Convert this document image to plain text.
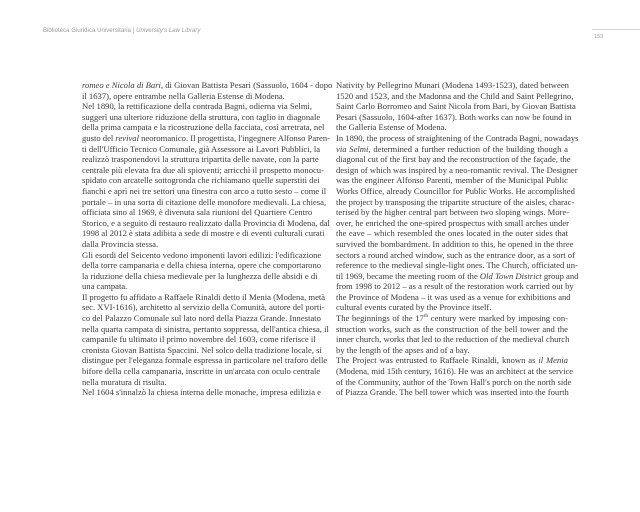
Biblioteca Giuridica Universitaria | University's Law Library
153
romeo e Nicola di Bari, di Giovan Battista Pesari (Sassuolo, 1604 - dopo
il 1637), opere entrambe nella Galleria Estense di Modena.
Nel 1890, la rettificazione della contrada Bagni, odierna via Selmi,
suggerì una ulteriore riduzione della struttura, con taglio in diagonale
della prima campata e la ricostruzione della facciata, così arretrata, nel
gusto del revival neoromanico. Il progettista, l'ingegnere Alfonso Paren-
ti dell'Ufficio Tecnico Comunale, già Assessore ai Lavori Pubblici, la
realizzò trasponendovi la struttura tripartita delle navate, con la parte
centrale più elevata fra due ali spioventi; arricchì il prospetto monocu-
spidato con arcatelle sottogronda che richiamano quelle superstiti dei
fianchi e aprì nei tre settori una finestra con arco a tutto sesto – come il
portale – in una sorta di citazione delle monofore medievali. La chiesa,
officiata sino al 1969, è divenuta sala riunioni del Quartiere Centro
Storico, e a seguito di restauro realizzato dalla Provincia di Modena, dal
1998 al 2012 è stata adibita a sede di mostre e di eventi culturali curati
dalla Provincia stessa.
Gli esordi del Seicento vedono imponenti lavori edilizi: l'edificazione
della torre campanaria e della chiesa interna, opere che comportarono
la riduzione della chiesa medievale per la lunghezza delle absidi e di
una campata.
Il progetto fu affidato a Raffaele Rinaldi detto il Menia (Modena, metà
sec. XVI-1616), architetto al servizio della Comunità, autore del porti-
co del Palazzo Comunale sul lato nord della Piazza Grande. Innestato
nella quarta campata di sinistra, pertanto soppressa, dell'antica chiesa, il
campanile fu ultimato il primo novembre del 1603, come riferisce il
cronista Giovan Battista Spaccini. Nel solco della tradizione locale, si
distingue per l'eleganza formale espressa in particolare nel traforo delle
bifore della cella campanaria, inscritte in un'arcata con oculo centrale
nella muratura di risulta.
Nel 1604 s'innalzò la chiesa interna delle monache, impresa edilizia e
Nativity by Pellegrino Munari (Modena 1493-1523), dated between
1520 and 1523, and the Madonna and the Child and Saint Pellegrino,
Saint Carlo Borromeo and Saint Nicola from Bari, by Giovan Battista
Pesari (Sassuolo, 1604-after 1637). Both works can now be found in
the Galleria Estense of Modena.
In 1890, the process of straightening of the Contrada Bagni, nowadays
via Selmi, determined a further reduction of the building though a
diagonal cut of the first bay and the reconstruction of the façade, the
design of which was inspired by a neo-romantic revival. The Designer
was the engineer Alfonso Parenti, member of the Municipal Public
Works Office, already Councillor for Public Works. He accomplished
the project by transposing the tripartite structure of the aisles, charac-
terised by the higher central part between two sloping wings. More-
over, he enriched the one-spired prospectus with small arches under
the eave – which resembled the ones located in the outer sides that
survived the bombardment. In addition to this, he opened in the three
sectors a round arched window, such as the entrance door, as a sort of
reference to the medieval single-light ones. The Church, officiated un-
til 1969, became the meeting room of the Old Town District group and
from 1998 to 2012 – as a result of the restoration work carried out by
the Province of Modena – it was used as a venue for exhibitions and
cultural events curated by the Province itself.
The beginnings of the 17th century were marked by imposing con-
struction works, such as the construction of the bell tower and the
inner church, works that led to the reduction of the medieval church
by the length of the apses and of a bay.
The Project was entrusted to Raffaele Rinaldi, known as il Menia
(Modena, mid 15th century, 1616). He was an architect at the service
of the Community, author of the Town Hall's porch on the north side
of Piazza Grande. The bell tower which was inserted into the fourth
